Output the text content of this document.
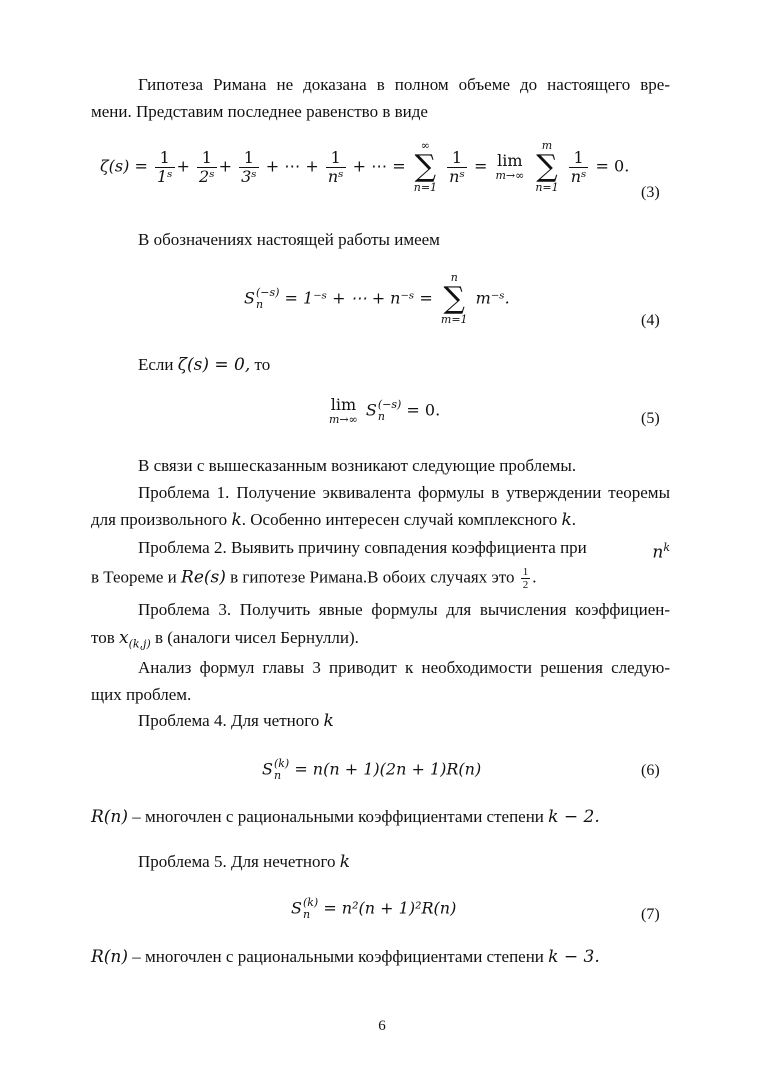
Гипотеза Римана не доказана в полном объеме до настоящего вре-
мени. Представим последнее равенство в виде
$\zeta(s) = \frac{1}{\text{1ˢ}} + \frac{1}{\text{2ˢ}} + \frac{1}{\text{3ˢ}}$ + ⋯ + $\frac{1}{\text{nˢ}}$ + ⋯ =
∞
∑
n=1

$\frac{1}{\text{nˢ}} = \lim$
m→∞

m
∑
n=1

$\frac{1}{\text{nˢ}} = 0$.
(3)
В обозначениях настоящей работы имеем
S (−s)
n	= 1⁻ˢ + ⋯ + n⁻ˢ =
n
∑
m=1
m⁻ˢ.
(4)
Если ζ(s) = 0, то
lim
m→∞ S (−s)
n	= 0.	(5)
В связи с вышесказанным возникают следующие проблемы.
Проблема 1. Получение эквивалента формулы в утверждении теоремы
для произвольного k. Особенно интересен случай комплексного k.
Проблема 2. Выявить причину совпадения коэффициента при	$n^k$
в Теореме и Re(s) в гипотезе Римана.В обоих случаях это $\frac{1}{2}$ .
Проблема 3. Получить явные формулы для вычисления коэффициен-
тов $x_{(k,j)}$ в (аналоги чисел Бернулли).
Анализ формул главы 3 приводит к необходимости решения следую-
щих проблем.
Проблема 4. Для четного k
S (k)
n = n(n + 1)(2n + 1)R(n)	(6)
R(n) – многочлен с рациональными коэффициентами степени k − 2.
Проблема 5. Для нечетного k
S (k)
n = n²(n + 1)²R(n)	(7)
R(n) – многочлен с рациональными коэффициентами степени k − 3.
6
